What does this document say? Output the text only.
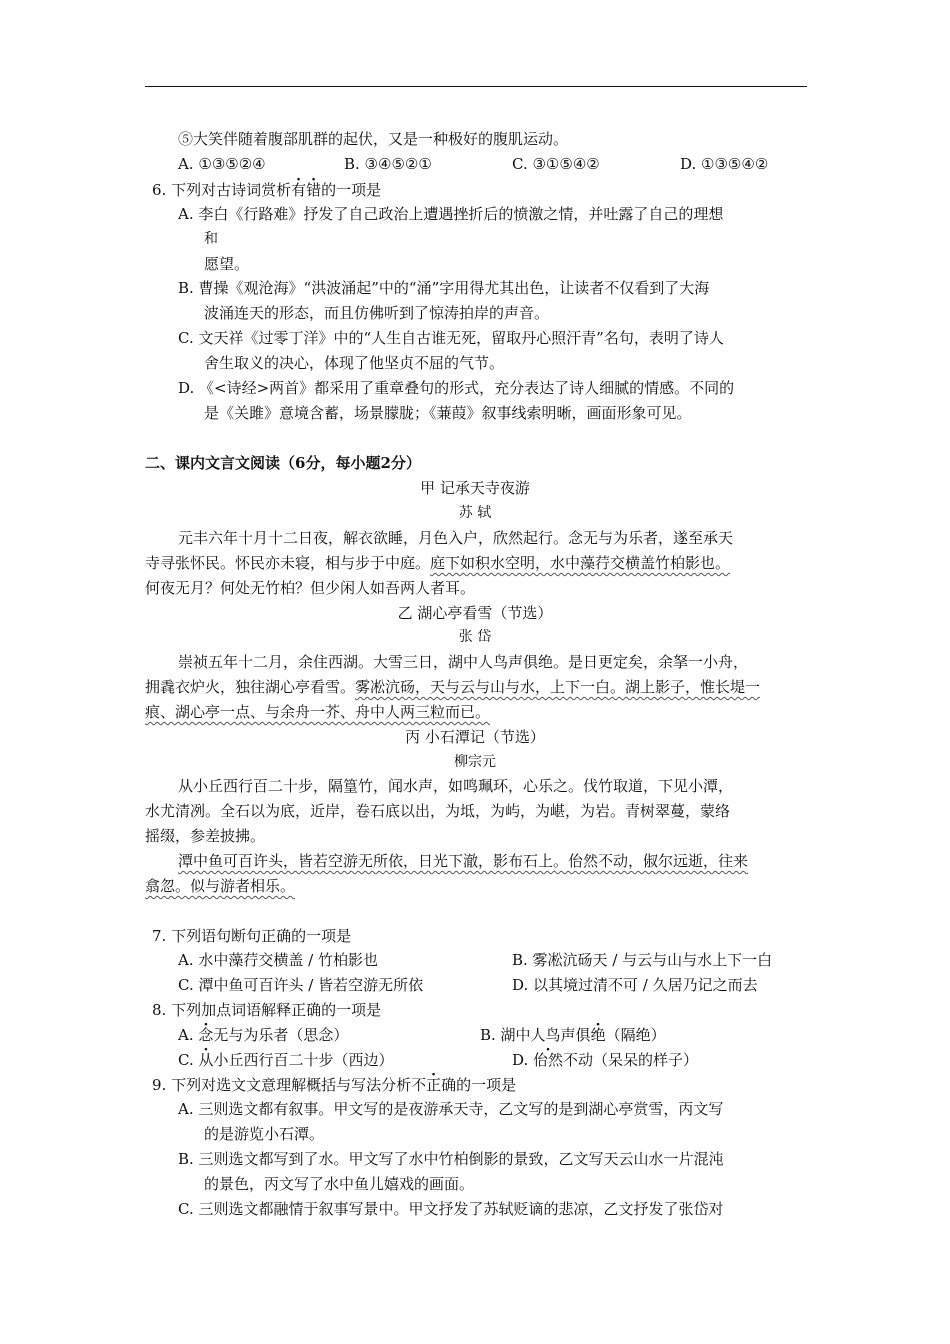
⑤大笑伴随着腹部肌群的起伏，又是一种极好的腹肌运动。
A. ①③⑤②④	B. ③④⑤②①	C. ③①⑤④②	D. ①③⑤④②
6. 下列对古诗词赏析有错的一项是
A. 李白《行路难》抒发了自己政治上遭遇挫折后的愤激之情，并吐露了自己的理想
和
愿望。
B. 曹操《观沧海》“洪波涌起”中的“涌”字用得尤其出色，让读者不仅看到了大海
波涌连天的形态，而且仿佛听到了惊涛拍岸的声音。
C. 文天祥《过零丁洋》中的“人生自古谁无死，留取丹心照汗青”名句，表明了诗人
舍生取义的决心，体现了他坚贞不屈的气节。
D. 《<诗经>两首》都采用了重章叠句的形式，充分表达了诗人细腻的情感。不同的
是《关雎》意境含蓄，场景朦胧；《蒹葭》叙事线索明晰，画面形象可见。
二、课内文言文阅读（6分，每小题2分）
甲 记承天寺夜游
苏 轼
元丰六年十月十二日夜，解衣欲睡，月色入户，欣然起行。念无与为乐者，遂至承天
寺寻张怀民。怀民亦未寝，相与步于中庭。庭下如积水空明，水中藻荇交横盖竹柏影也。
何夜无月？何处无竹柏？但少闲人如吾两人者耳。
乙 湖心亭看雪（节选）
张 岱
崇祯五年十二月，余住西湖。大雪三日，湖中人鸟声俱绝。是日更定矣，余拏一小舟，
拥毳衣炉火，独往湖心亭看雪。雾凇沆砀，天与云与山与水，上下一白。湖上影子，惟长堤一
痕、湖心亭一点、与余舟一芥、舟中人两三粒而已。
丙 小石潭记（节选）
柳宗元
从小丘西行百二十步，隔篁竹，闻水声，如鸣珮环，心乐之。伐竹取道，下见小潭，
水尤清冽。全石以为底，近岸，卷石底以出，为坻，为屿，为嵁，为岩。青树翠蔓，蒙络
摇缀，参差披拂。
潭中鱼可百许头，皆若空游无所依，日光下澈，影布石上。佁然不动，俶尔远逝，往来
翕忽。似与游者相乐。
7. 下列语句断句正确的一项是
A. 水中藻荇交横盖 / 竹柏影也	B. 雾凇沆砀天 / 与云与山与水上下一白
C. 潭中鱼可百许头 / 皆若空游无所依	D. 以其境过清不可 / 久居乃记之而去
8. 下列加点词语解释正确的一项是
A. 念无与为乐者（思念）	B. 湖中人鸟声俱绝（隔绝）
C. 从小丘西行百二十步（西边）	D. 佁然不动（呆呆的样子）
9. 下列对选文文意理解概括与写法分析不正确的一项是
A. 三则选文都有叙事。甲文写的是夜游承天寺，乙文写的是到湖心亭赏雪，丙文写
的是游览小石潭。
B. 三则选文都写到了水。甲文写了水中竹柏倒影的景致，乙文写天云山水一片混沌
的景色，丙文写了水中鱼儿嬉戏的画面。
C. 三则选文都融情于叙事写景中。甲文抒发了苏轼贬谪的悲凉，乙文抒发了张岱对
